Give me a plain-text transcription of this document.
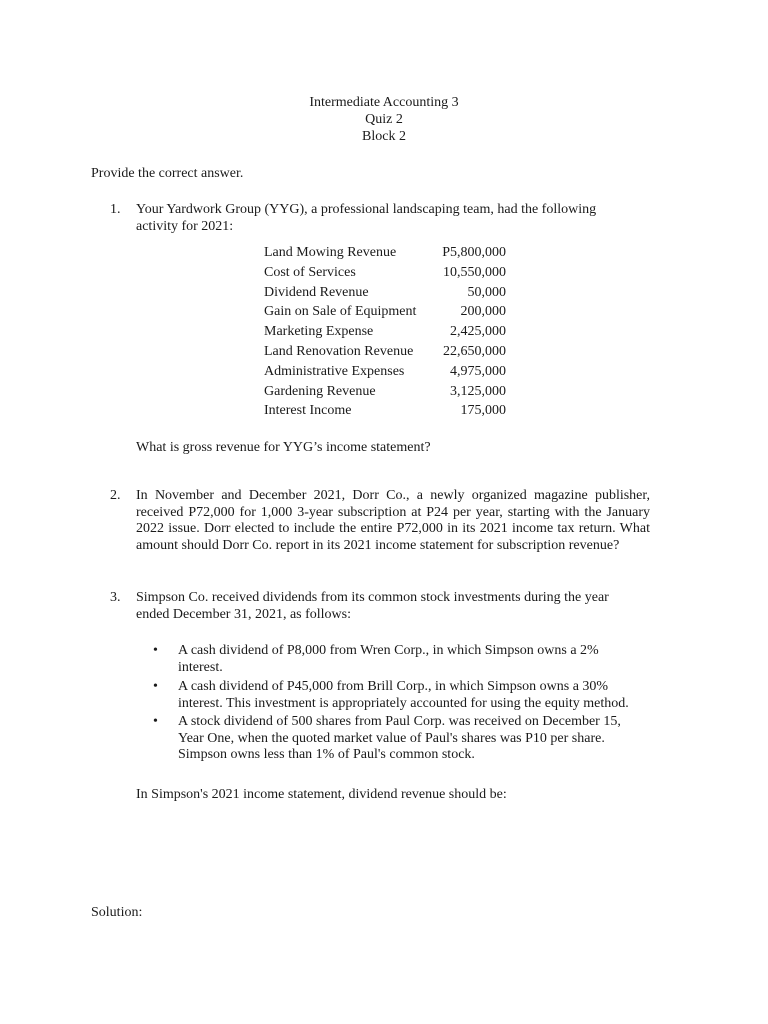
Intermediate Accounting 3
Quiz 2
Block 2
Provide the correct answer.
1. Your Yardwork Group (YYG), a professional landscaping team, had the following
activity for 2021:
Land Mowing Revenue	P5,800,000
Cost of Services	10,550,000
Dividend Revenue	50,000
Gain on Sale of Equipment	200,000
Marketing Expense	2,425,000
Land Renovation Revenue	22,650,000
Administrative Expenses	4,975,000
Gardening Revenue	3,125,000
Interest Income	175,000
What is gross revenue for YYG’s income statement?
2. In November and December 2021, Dorr Co., a newly organized magazine publisher,
received P72,000 for 1,000 3-year subscription at P24 per year, starting with the January
2022 issue. Dorr elected to include the entire P72,000 in its 2021 income tax return. What
amount should Dorr Co. report in its 2021 income statement for subscription revenue?
3. Simpson Co. received dividends from its common stock investments during the year
ended December 31, 2021, as follows:
• A cash dividend of P8,000 from Wren Corp., in which Simpson owns a 2%
interest.
• A cash dividend of P45,000 from Brill Corp., in which Simpson owns a 30%
interest. This investment is appropriately accounted for using the equity method.
• A stock dividend of 500 shares from Paul Corp. was received on December 15,
Year One, when the quoted market value of Paul's shares was P10 per share.
Simpson owns less than 1% of Paul's common stock.
In Simpson's 2021 income statement, dividend revenue should be:
Solution:
